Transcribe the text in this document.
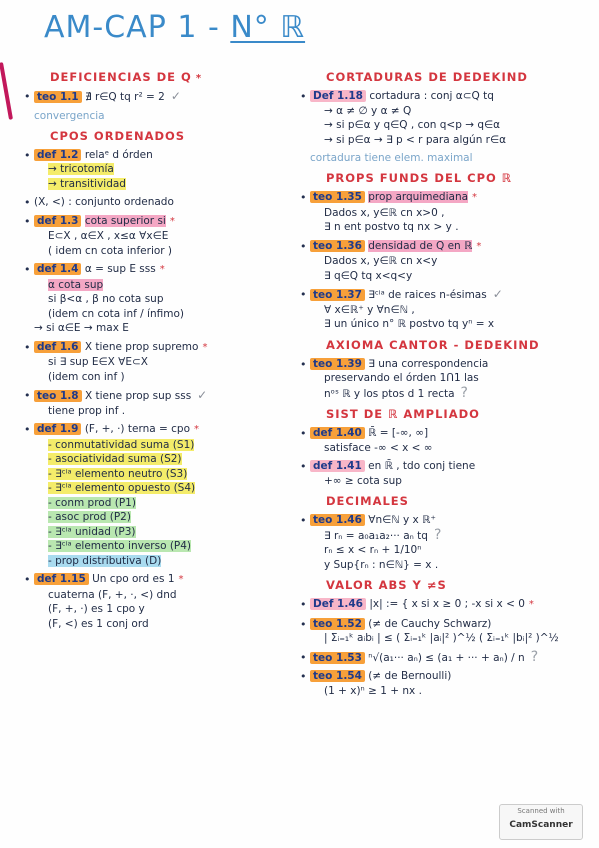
AM-CAP 1 - N° ℝ
DEFICIENCIAS DE Q *
• teo 1.1 ∄ r∈Q tq r² = 2 ✓
convergencia
CPOS ORDENADOS
• def 1.2 relaᵉ d órden
→ tricotomía
→ transitividad
• (X, <) : conjunto ordenado
• def 1.3 cota superior si *
E⊂X , α∈X , x≤α ∀x∈E
( idem cn cota inferior )
• def 1.4 α = sup E sss *
α cota sup
si β<α , β no cota sup
(idem cn cota inf / ínfimo)
→ si α∈E → max E
• def 1.6 X tiene prop supremo *
si ∃ sup E∈X ∀E⊂X
(idem con inf )
• teo 1.8 X tiene prop sup sss ✓
tiene prop inf .
• def 1.9 (F, +, ·) terna = cpo *
- conmutatividad suma (S1)
- asociatividad suma (S2)
- ∃ᶜⁱᵃ elemento neutro (S3)
- ∃ᶜⁱᵃ elemento opuesto (S4)
- conm prod (P1)
- asoc prod (P2)
- ∃ᶜⁱᵃ unidad (P3)
- ∃ᶜⁱᵃ elemento inverso (P4)
- prop distributiva (D)
• def 1.15 Un cpo ord es 1 *
cuaterna (F, +, ·, <) dnd
(F, +, ·) es 1 cpo y
(F, <) es 1 conj ord
CORTADURAS DE DEDEKIND
• Def 1.18 cortadura : conj α⊂Q tq
→ α ≠ ∅ y α ≠ Q
→ si p∈α y q∈Q , con q<p → q∈α
→ si p∈α → ∃ p < r para algún r∈α
cortadura tiene elem. maximal
PROPS FUNDS DEL CPO ℝ
• teo 1.35 prop arquimediana *
Dados x, y∈ℝ cn x>0 ,
∃ n ent postvo tq nx > y .
• teo 1.36 densidad de Q en ℝ *
Dados x, y∈ℝ cn x<y
∃ q∈Q tq x<q<y
• teo 1.37 ∃ᶜⁱᵃ de raices n-ésimas ✓
∀ x∈ℝ⁺ y ∀n∈ℕ ,
∃ un único n° ℝ postvo tq yⁿ = x
AXIOMA CANTOR - DEDEKIND
• teo 1.39 ∃ una correspondencia
preservando el órden 1Ո1 las
nᵒˢ ℝ y los ptos d 1 recta ?
SIST DE ℝ AMPLIADO
• def 1.40 ℝ̄ = [-∞, ∞]
satisface -∞ < x < ∞
• def 1.41 en ℝ̄ , tdo conj tiene
+∞ ≥ cota sup
DECIMALES
• teo 1.46 ∀n∈ℕ y x ℝ⁺
∃ rₙ = a₀a₁a₂··· aₙ tq ?
rₙ ≤ x < rₙ + 1/10ⁿ
y Sup{rₙ : n∈ℕ} = x .
VALOR ABS Y ≠S
• Def 1.46 |x| := { x si x ≥ 0 ; -x si x < 0 *
• teo 1.52 (≠ de Cauchy Schwarz)
| Σᵢ₌₁ᵏ aᵢbᵢ | ≤ ( Σᵢ₌₁ᵏ |aᵢ|² )^½ ( Σᵢ₌₁ᵏ |bᵢ|² )^½
• teo 1.53 ⁿ√(a₁··· aₙ) ≤ (a₁ + ··· + aₙ) / n ?
• teo 1.54 (≠ de Bernoulli)
(1 + x)ⁿ ≥ 1 + nx .
Scanned with
CamScanner
